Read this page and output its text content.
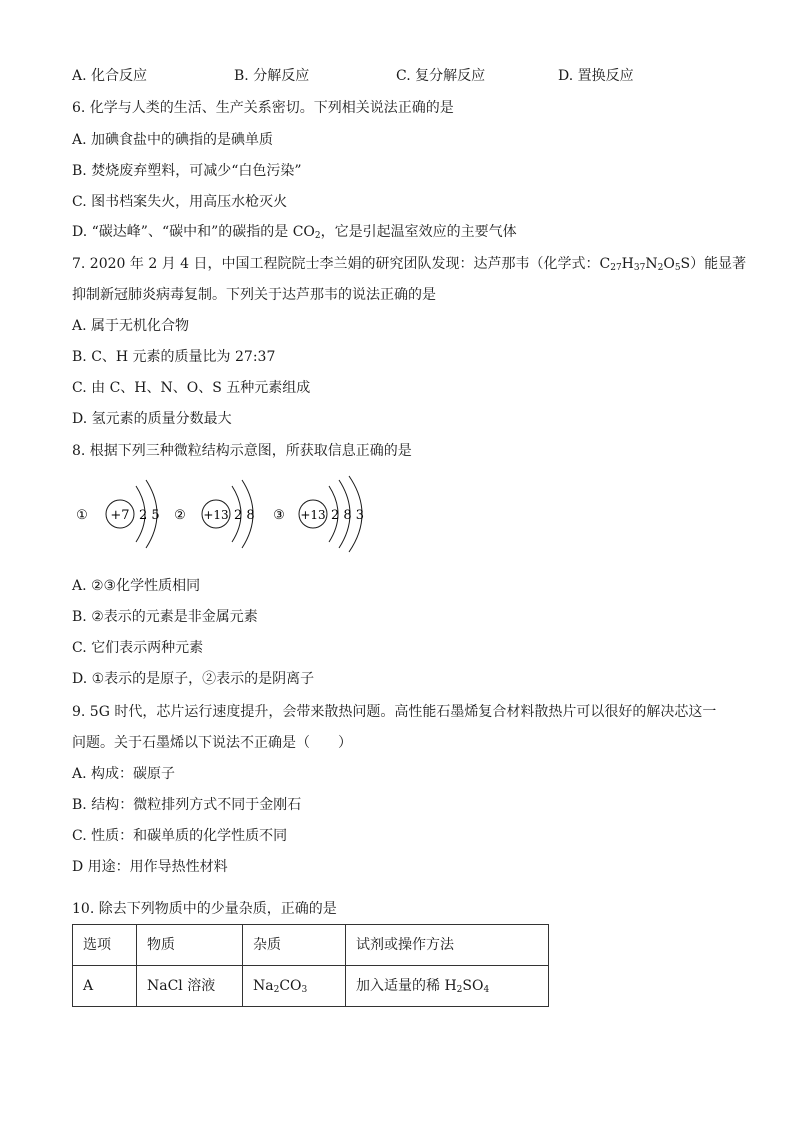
A. 化合反应	B. 分解反应	C. 复分解反应	D. 置换反应
6. 化学与人类的生活、生产关系密切。下列相关说法正确的是
A. 加碘食盐中的碘指的是碘单质
B. 焚烧废弃塑料，可减少“白色污染”
C. 图书档案失火，用高压水枪灭火
D. “碳达峰”、“碳中和”的碳指的是 $CO_2$，它是引起温室效应的主要气体
7. 2020 年 2 月 4 日，中国工程院院士李兰娟的研究团队发现：达芦那韦（化学式：$C_{27}H_{37}N_2O_5S$）能显著
抑制新冠肺炎病毒复制。下列关于达芦那韦的说法正确的是
A. 属于无机化合物
B. C、H 元素的质量比为 27:37
C. 由 C、H、N、O、S 五种元素组成
D. 氢元素的质量分数最大
8. 根据下列三种微粒结构示意图，所获取信息正确的是
① +7 2 5 ② +13 2 8 ③ +13 2 8 3
A. ②③化学性质相同
B. ②表示的元素是非金属元素
C. 它们表示两种元素
D. ①表示的是原子，②表示的是阴离子
9. 5G 时代，芯片运行速度提升，会带来散热问题。高性能石墨烯复合材料散热片可以很好的解决芯这一
问题。关于石墨烯以下说法不正确是（　　）
A. 构成：碳原子
B. 结构：微粒排列方式不同于金刚石
C. 性质：和碳单质的化学性质不同
D 用途：用作导热性材料
10. 除去下列物质中的少量杂质，正确的是
选项	物质	杂质	试剂或操作方法
A	NaCl 溶液	$Na_2CO_3$	加入适量的稀 $H_2SO_4$
